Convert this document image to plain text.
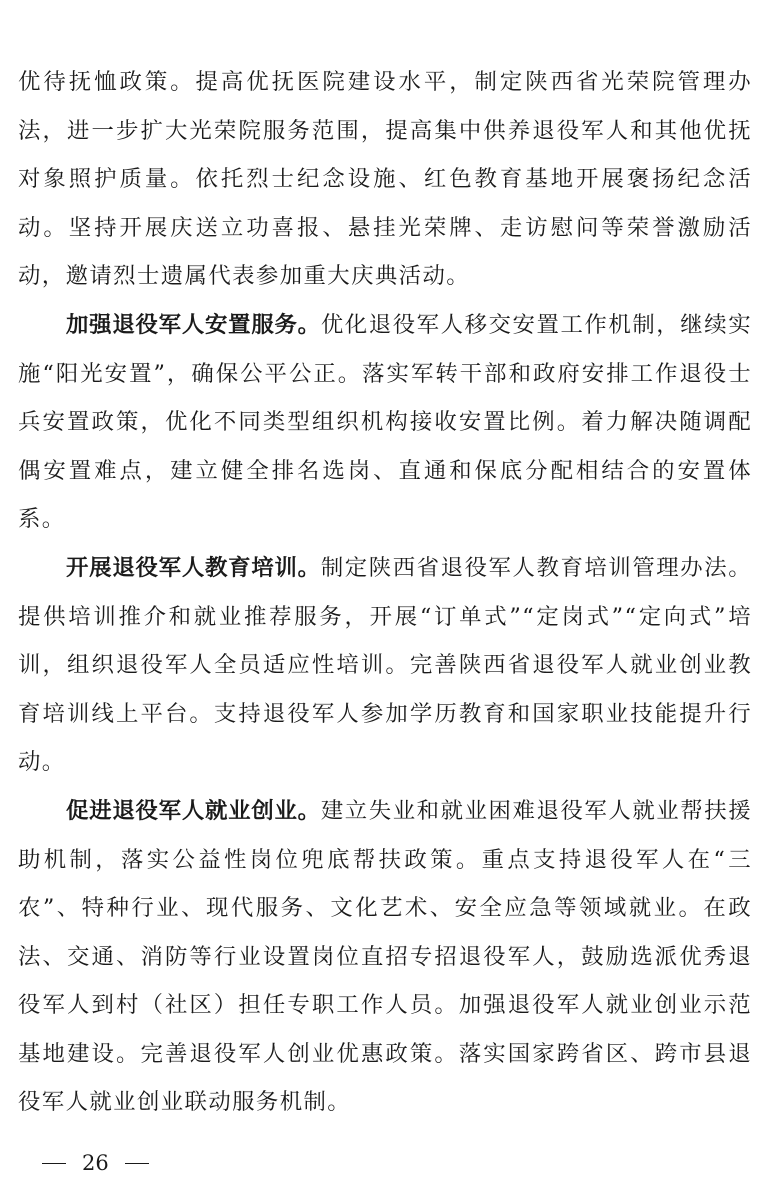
优待抚恤政策。提高优抚医院建设水平，制定陕西省光荣院管理办法，进一步扩大光荣院服务范围，提高集中供养退役军人和其他优抚对象照护质量。依托烈士纪念设施、红色教育基地开展褒扬纪念活动。坚持开展庆送立功喜报、悬挂光荣牌、走访慰问等荣誉激励活动，邀请烈士遗属代表参加重大庆典活动。

加强退役军人安置服务。优化退役军人移交安置工作机制，继续实施“阳光安置”，确保公平公正。落实军转干部和政府安排工作退役士兵安置政策，优化不同类型组织机构接收安置比例。着力解决随调配偶安置难点，建立健全排名选岗、直通和保底分配相结合的安置体系。

开展退役军人教育培训。制定陕西省退役军人教育培训管理办法。提供培训推介和就业推荐服务，开展“订单式”“定岗式”“定向式”培训，组织退役军人全员适应性培训。完善陕西省退役军人就业创业教育培训线上平台。支持退役军人参加学历教育和国家职业技能提升行动。

促进退役军人就业创业。建立失业和就业困难退役军人就业帮扶援助机制，落实公益性岗位兜底帮扶政策。重点支持退役军人在“三农”、特种行业、现代服务、文化艺术、安全应急等领域就业。在政法、交通、消防等行业设置岗位直招专招退役军人，鼓励选派优秀退役军人到村（社区）担任专职工作人员。加强退役军人就业创业示范基地建设。完善退役军人创业优惠政策。落实国家跨省区、跨市县退役军人就业创业联动服务机制。

26
